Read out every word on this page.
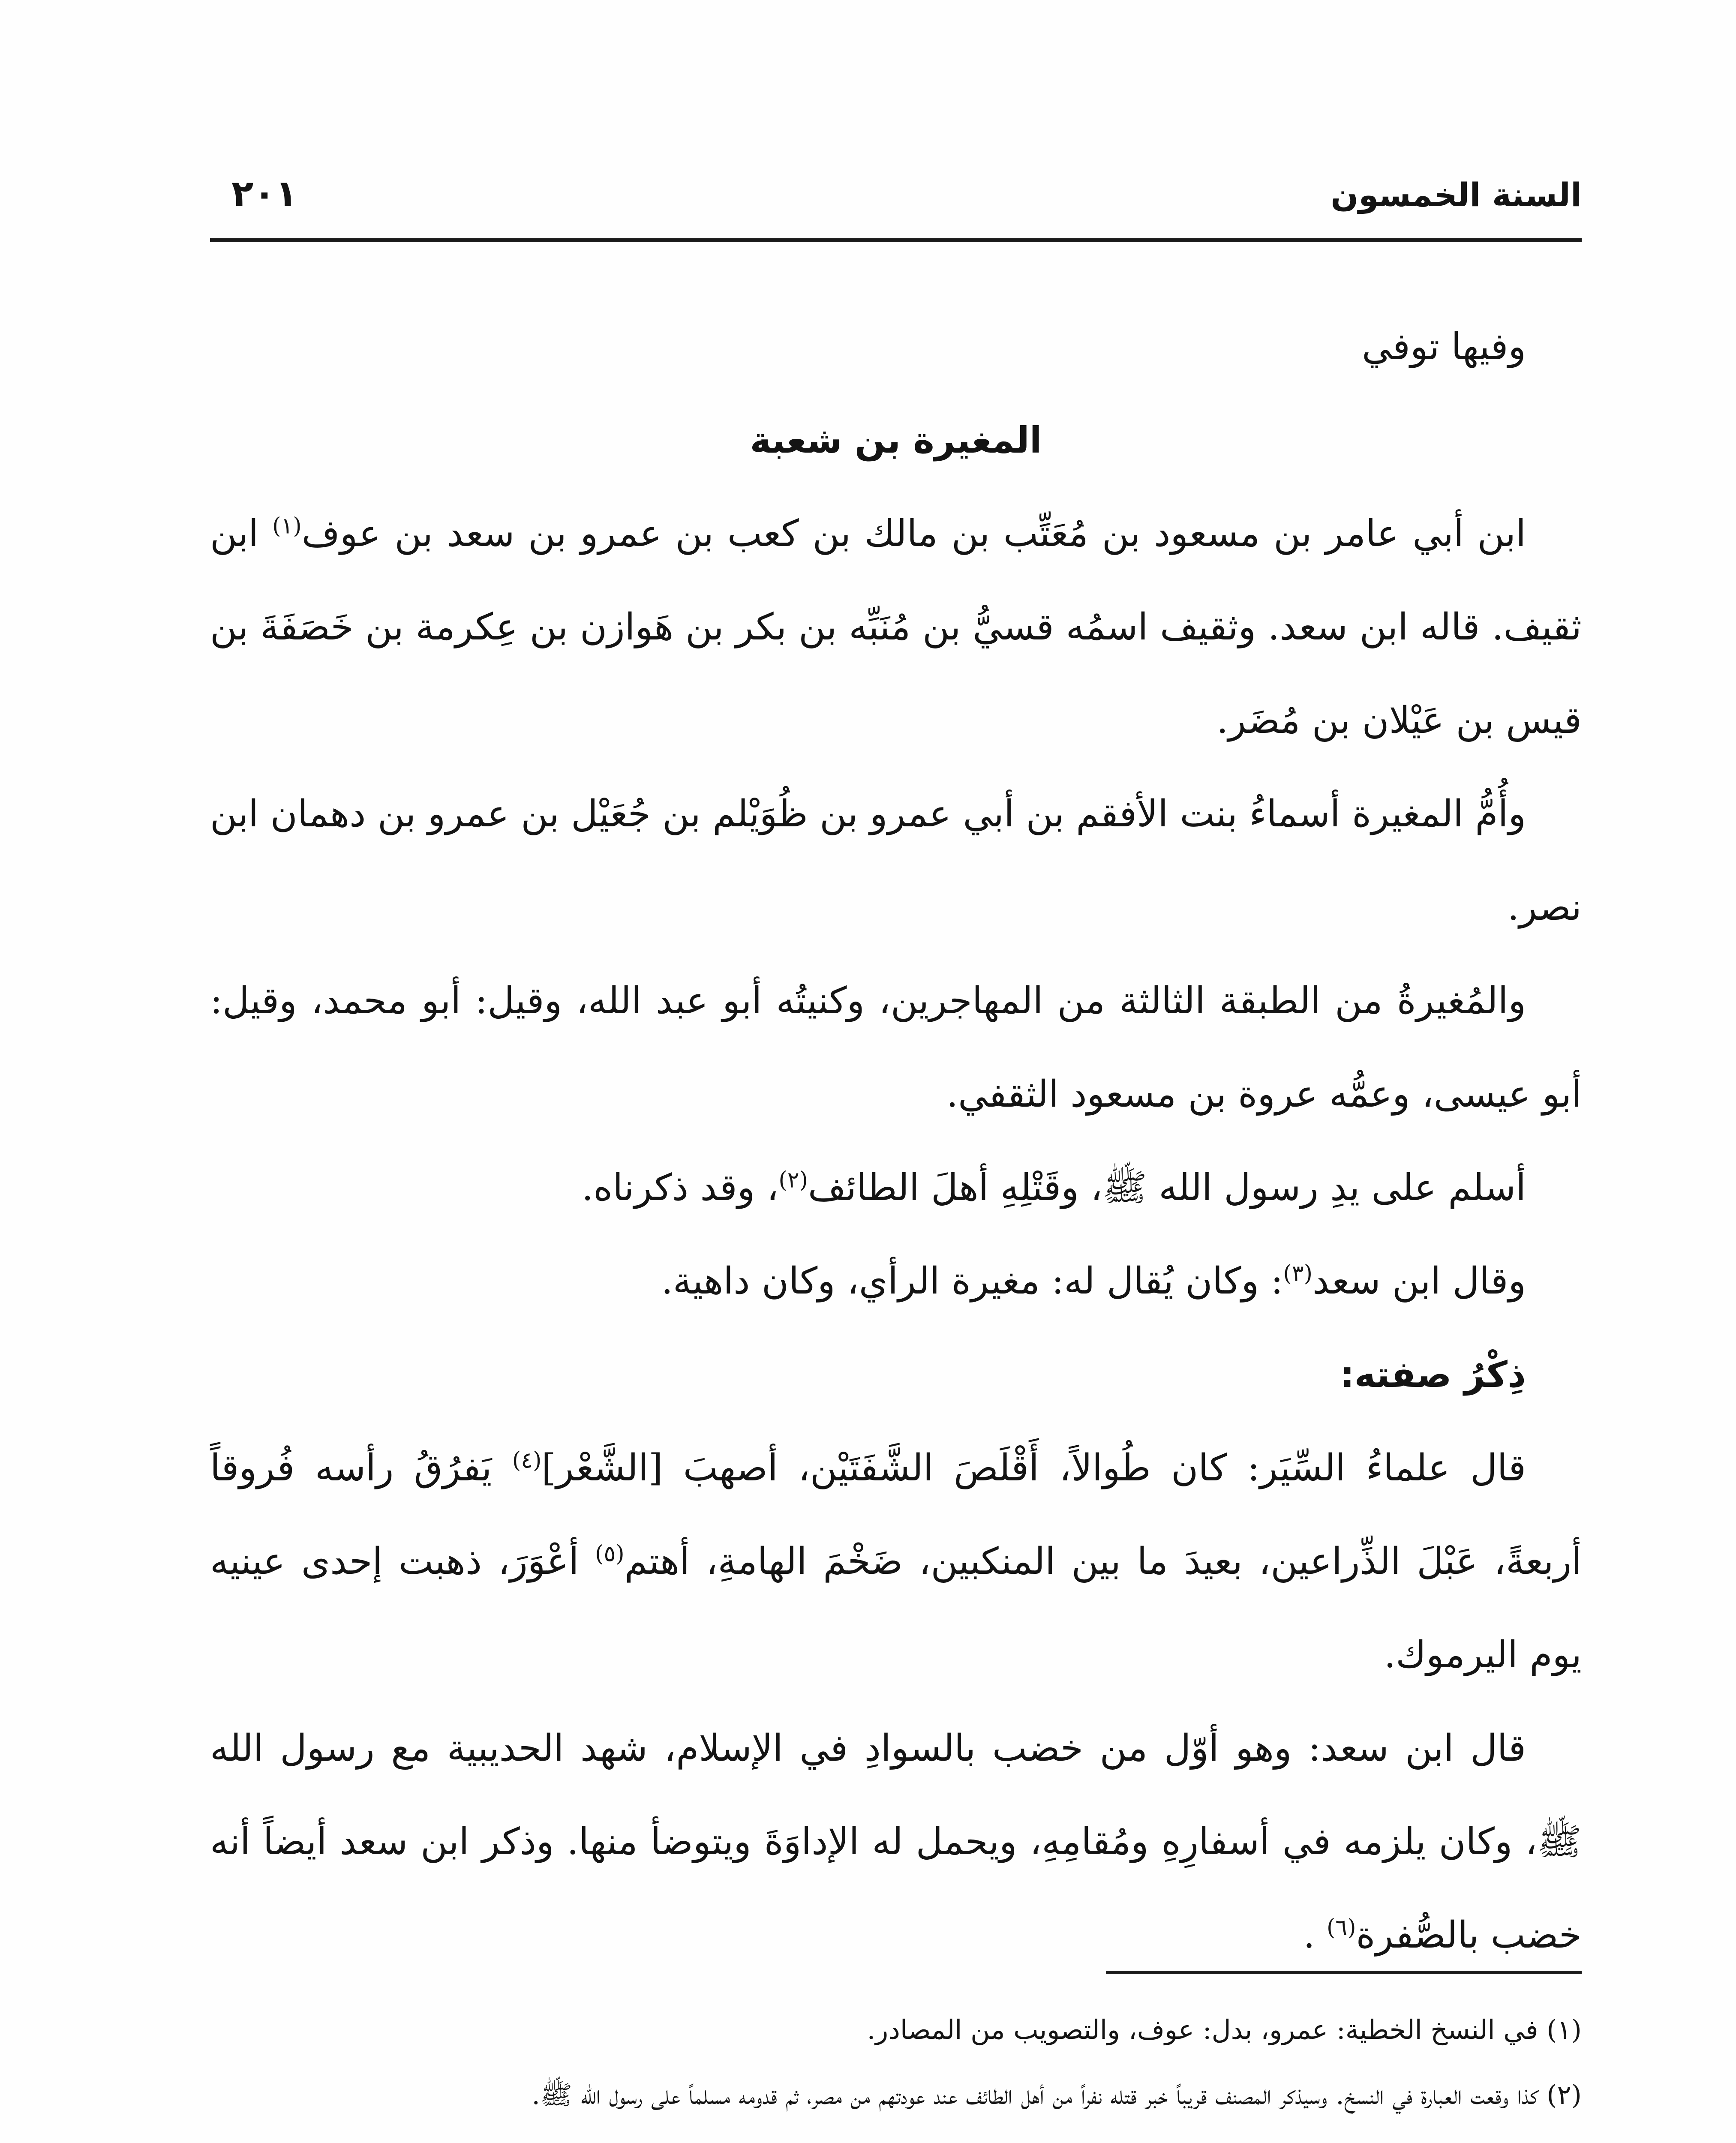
السنة الخمسون
٢٠١

وفيها توفي

المغيرة بن شعبة

ابن أبي عامر بن مسعود بن مُعَتِّب بن مالك بن كعب بن عمرو بن سعد بن عوف$^{(١)}$ ابن ثقيف. قاله ابن سعد. وثقيف اسمُه قسيُّ بن مُنَبِّه بن بكر بن هَوازن بن عِكرمة بن خَصَفَةَ بن قيس بن عَيْلان بن مُضَر.

وأُمُّ المغيرة أسماءُ بنت الأفقم بن أبي عمرو بن ظُوَيْلم بن جُعَيْل بن عمرو بن دهمان ابن نصر.

والمُغيرةُ من الطبقة الثالثة من المهاجرين، وكنيتُه أبو عبد الله، وقيل: أبو محمد، وقيل: أبو عيسى، وعمُّه عروة بن مسعود الثقفي.

أسلم على يدِ رسول الله ﷺ، وقَتْلِهِ أهلَ الطائف$^{(٢)}$، وقد ذكرناه.

وقال ابن سعد$^{(٣)}$: وكان يُقال له: مغيرة الرأي، وكان داهية.

ذِكْرُ صفته:

قال علماءُ السِّيَر: كان طُوالاً، أَقْلَصَ الشَّفَتَيْن، أصهبَ [الشَّعْر]$^{(٤)}$ يَفرُقُ رأسه فُروقاً أربعةً، عَبْلَ الذِّراعين، بعيدَ ما بين المنكبين، ضَخْمَ الهامةِ، أهتم$^{(٥)}$ أعْوَرَ، ذهبت إحدى عينيه يوم اليرموك.

قال ابن سعد: وهو أوّل من خضب بالسوادِ في الإسلام، شهد الحديبية مع رسول الله ﷺ، وكان يلزمه في أسفارِهِ ومُقامِهِ، ويحمل له الإداوَةَ ويتوضأ منها. وذكر ابن سعد أيضاً أنه خضب بالصُّفرة$^{(٦)}$ .

(١) في النسخ الخطية: عمرو، بدل: عوف، والتصويب من المصادر.

(٢) كذا وقعت العبارة في النسخ. وسيذكر المصنف قريباً خبر قتله نفراً من أهل الطائف عند عودتهم من مصر، ثم قدومه مسلماً على رسول الله ﷺ.
